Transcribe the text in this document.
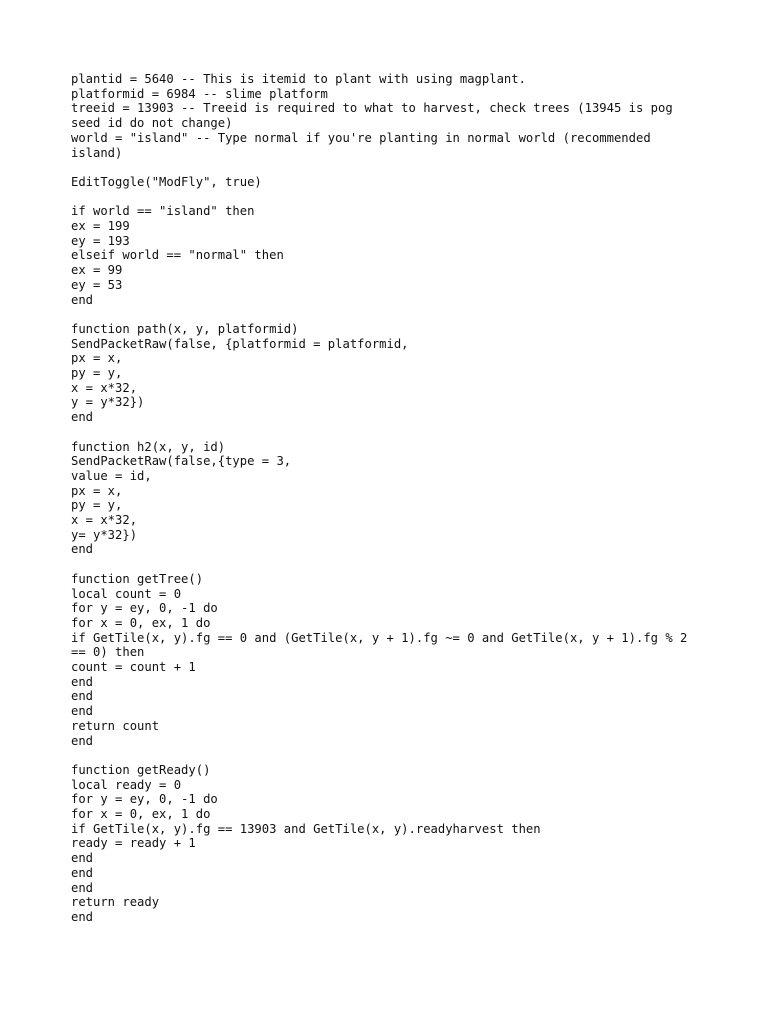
plantid = 5640 -- This is itemid to plant with using magplant.
platformid = 6984 -- slime platform
treeid = 13903 -- Treeid is required to what to harvest, check trees (13945 is pog seed id do not change)
world = "island" -- Type normal if you're planting in normal world (recommended island)
EditToggle("ModFly", true)
if world == "island" then
ex = 199
ey = 193
elseif world == "normal" then
ex = 99
ey = 53
end
function path(x, y, platformid)
SendPacketRaw(false, {platformid = platformid,
px = x,
py = y,
x = x*32,
y = y*32})
end
function h2(x, y, id)
SendPacketRaw(false,{type = 3,
value = id,
px = x,
py = y,
x = x*32,
y= y*32})
end
function getTree()
local count = 0
for y = ey, 0, -1 do
for x = 0, ex, 1 do
if GetTile(x, y).fg == 0 and (GetTile(x, y + 1).fg ~= 0 and GetTile(x, y + 1).fg % 2 == 0) then
count = count + 1
end
end
end
return count
end
function getReady()
local ready = 0
for y = ey, 0, -1 do
for x = 0, ex, 1 do
if GetTile(x, y).fg == 13903 and GetTile(x, y).readyharvest then
ready = ready + 1
end
end
end
return ready
end
